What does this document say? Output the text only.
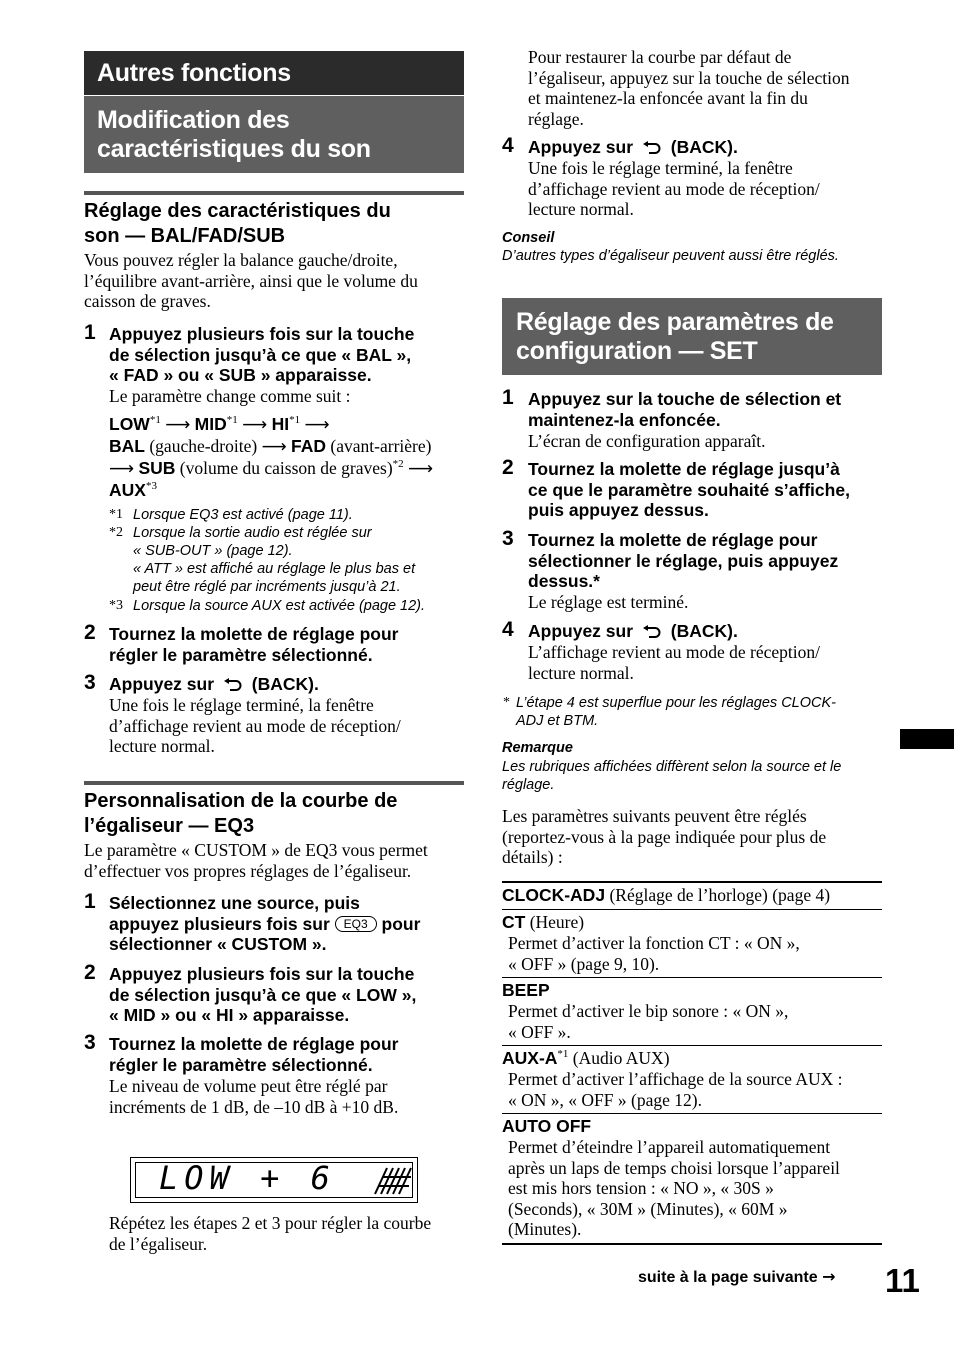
Autres fonctions
Modification des
caractéristiques du son
Réglage des caractéristiques du
son — BAL/FAD/SUB
Vous pouvez régler la balance gauche/droite,
l’équilibre avant-arrière, ainsi que le volume du
caisson de graves.
1 Appuyez plusieurs fois sur la touche
de sélection jusqu’à ce que « BAL »,
« FAD » ou « SUB » apparaisse.
Le paramètre change comme suit :
LOW$^{*1}$ ⟶ MID$^{*1}$ ⟶ HI$^{*1}$ ⟶
BAL (gauche-droite) ⟶ FAD (avant-arrière)
⟶ SUB (volume du caisson de graves)$^{*2}$ ⟶
AUX$^{*3}$
*1 Lorsque EQ3 est activé (page 11).
*2 Lorsque la sortie audio est réglée sur
« SUB-OUT » (page 12).
« ATT » est affiché au réglage le plus bas et
peut être réglé par incréments jusqu’à 21.
*3 Lorsque la source AUX est activée (page 12).
2 Tournez la molette de réglage pour
régler le paramètre sélectionné.
3 Appuyez sur (BACK).
Une fois le réglage terminé, la fenêtre
d’affichage revient au mode de réception/
lecture normal.
Personnalisation de la courbe de
l’égaliseur — EQ3
Le paramètre « CUSTOM » de EQ3 vous permet
d’effectuer vos propres réglages de l’égaliseur.
1 Sélectionnez une source, puis
appuyez plusieurs fois sur EQ3 pour
sélectionner « CUSTOM ».
2 Appuyez plusieurs fois sur la touche
de sélection jusqu’à ce que « LOW »,
« MID » ou « HI » apparaisse.
3 Tournez la molette de réglage pour
régler le paramètre sélectionné.
Le niveau de volume peut être réglé par
incréments de 1 dB, de –10 dB à +10 dB.
LOW + 6
Répétez les étapes 2 et 3 pour régler la courbe
de l’égaliseur.
Pour restaurer la courbe par défaut de
l’égaliseur, appuyez sur la touche de sélection
et maintenez-la enfoncée avant la fin du
réglage.
4 Appuyez sur (BACK).
Une fois le réglage terminé, la fenêtre
d’affichage revient au mode de réception/
lecture normal.
Conseil
D’autres types d’égaliseur peuvent aussi être réglés.
Réglage des paramètres de
configuration — SET
1 Appuyez sur la touche de sélection et
maintenez-la enfoncée.
L’écran de configuration apparaît.
2 Tournez la molette de réglage jusqu’à
ce que le paramètre souhaité s’affiche,
puis appuyez dessus.
3 Tournez la molette de réglage pour
sélectionner le réglage, puis appuyez
dessus.*
Le réglage est terminé.
4 Appuyez sur (BACK).
L’affichage revient au mode de réception/
lecture normal.
* L’étape 4 est superflue pour les réglages CLOCK-
ADJ et BTM.
Remarque
Les rubriques affichées diffèrent selon la source et le
réglage.
Les paramètres suivants peuvent être réglés
(reportez-vous à la page indiquée pour plus de
détails) :
CLOCK-ADJ (Réglage de l’horloge) (page 4)
CT (Heure)
Permet d’activer la fonction CT : « ON »,
« OFF » (page 9, 10).
BEEP
Permet d’activer le bip sonore : « ON »,
« OFF ».
AUX-$A^{*1}$ (Audio AUX)
Permet d’activer l’affichage de la source AUX :
« ON », « OFF » (page 12).
AUTO OFF
Permet d’éteindre l’appareil automatiquement
après un laps de temps choisi lorsque l’appareil
est mis hors tension : « NO », « 30S »
(Seconds), « 30M » (Minutes), « 60M »
(Minutes).
suite à la page suivante → 11
